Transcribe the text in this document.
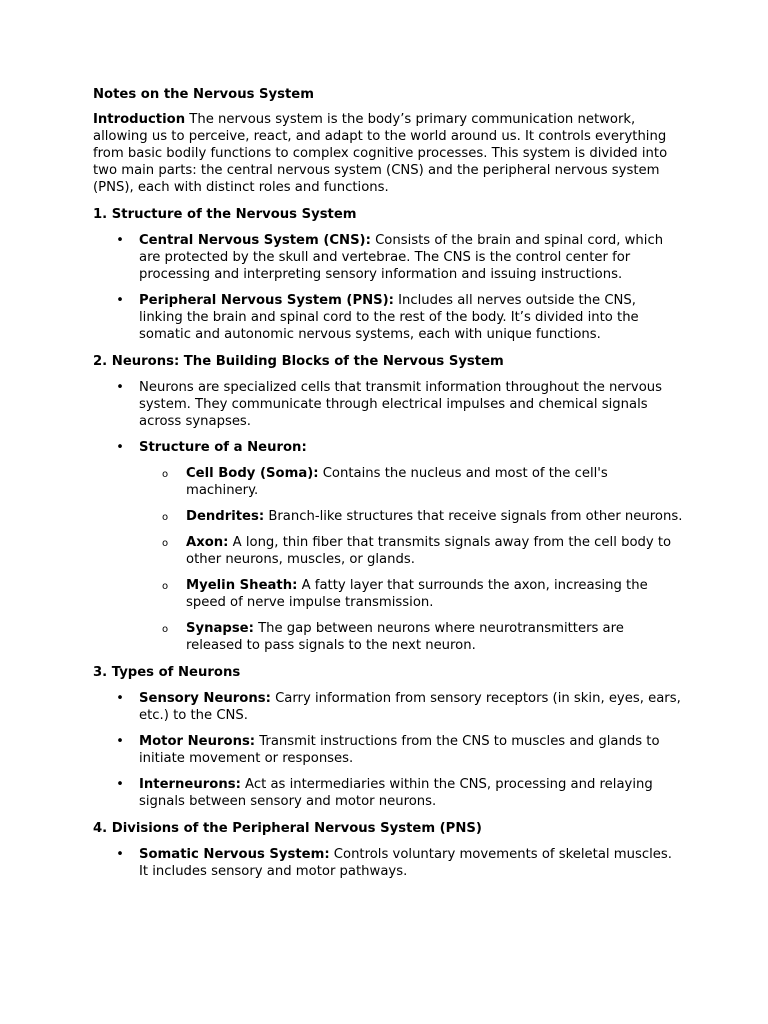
Notes on the Nervous System

Introduction The nervous system is the body’s primary communication network, allowing us to perceive, react, and adapt to the world around us. It controls everything from basic bodily functions to complex cognitive processes. This system is divided into two main parts: the central nervous system (CNS) and the peripheral nervous system (PNS), each with distinct roles and functions.

1. Structure of the Nervous System

• Central Nervous System (CNS): Consists of the brain and spinal cord, which are protected by the skull and vertebrae. The CNS is the control center for processing and interpreting sensory information and issuing instructions.
• Peripheral Nervous System (PNS): Includes all nerves outside the CNS, linking the brain and spinal cord to the rest of the body. It’s divided into the somatic and autonomic nervous systems, each with unique functions.

2. Neurons: The Building Blocks of the Nervous System

• Neurons are specialized cells that transmit information throughout the nervous system. They communicate through electrical impulses and chemical signals across synapses.
• Structure of a Neuron:
o Cell Body (Soma): Contains the nucleus and most of the cell's machinery.
o Dendrites: Branch-like structures that receive signals from other neurons.
o Axon: A long, thin fiber that transmits signals away from the cell body to other neurons, muscles, or glands.
o Myelin Sheath: A fatty layer that surrounds the axon, increasing the speed of nerve impulse transmission.
o Synapse: The gap between neurons where neurotransmitters are released to pass signals to the next neuron.

3. Types of Neurons

• Sensory Neurons: Carry information from sensory receptors (in skin, eyes, ears, etc.) to the CNS.
• Motor Neurons: Transmit instructions from the CNS to muscles and glands to initiate movement or responses.
• Interneurons: Act as intermediaries within the CNS, processing and relaying signals between sensory and motor neurons.

4. Divisions of the Peripheral Nervous System (PNS)

• Somatic Nervous System: Controls voluntary movements of skeletal muscles. It includes sensory and motor pathways.
